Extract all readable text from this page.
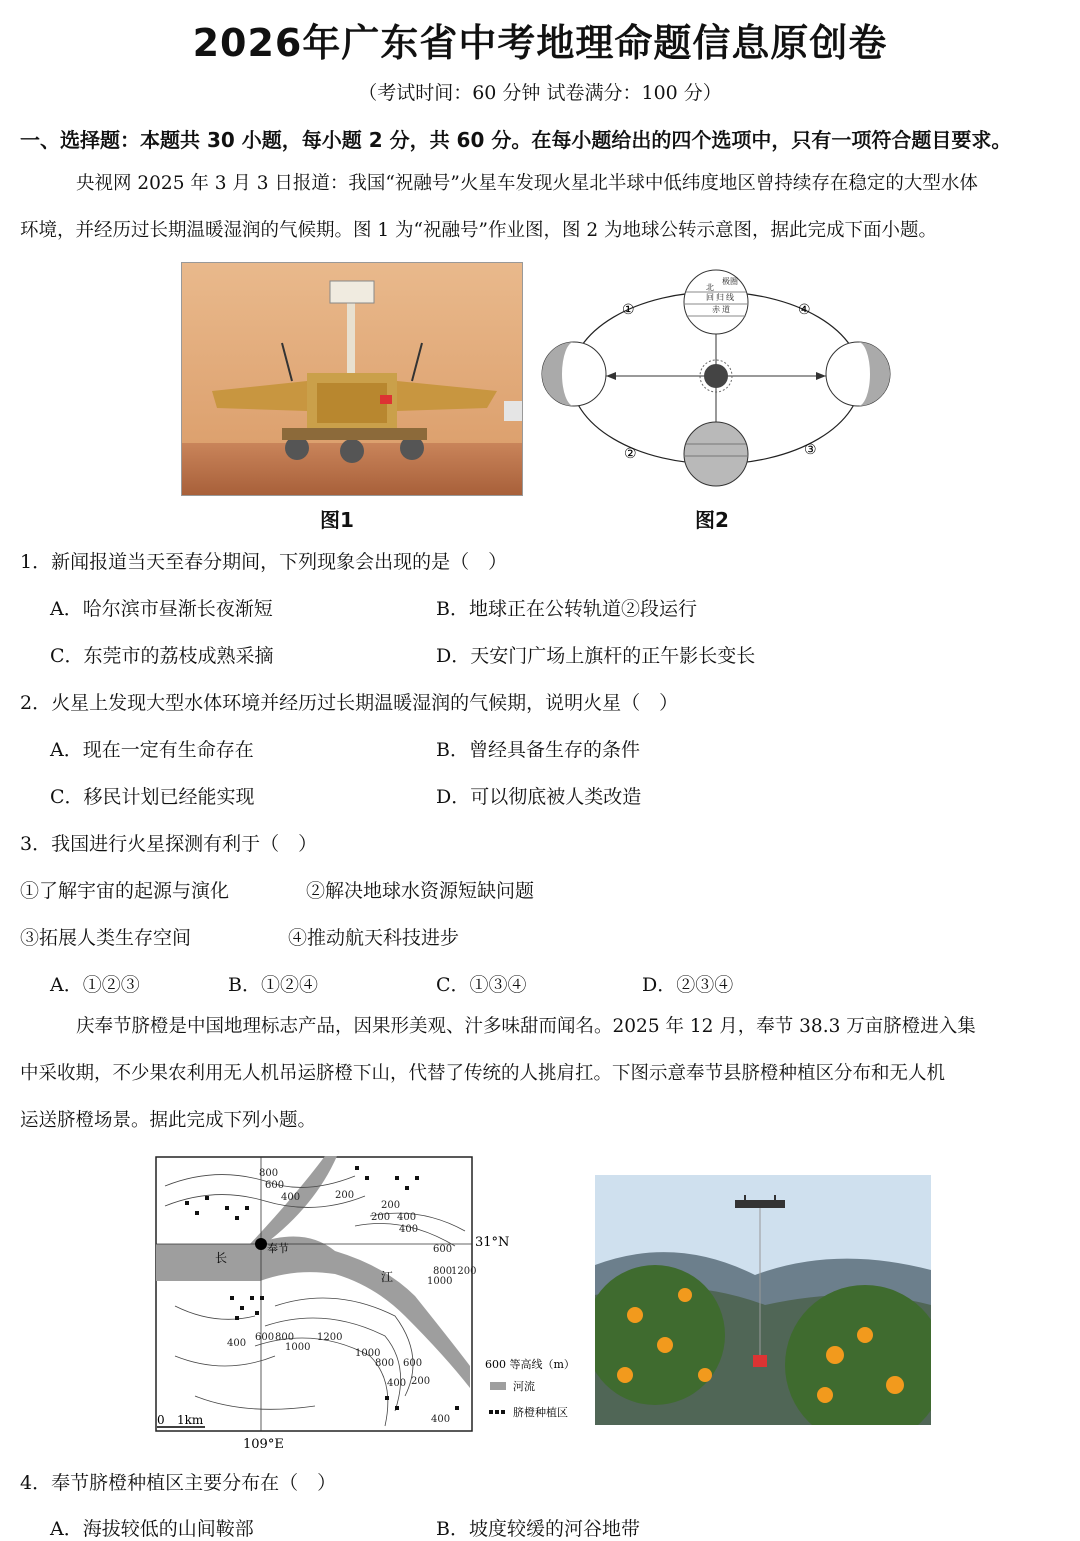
2026年广东省中考地理命题信息原创卷
（考试时间：60 分钟 试卷满分：100 分）
一、选择题：本题共 30 小题，每小题 2 分，共 60 分。在每小题给出的四个选项中，只有一项符合题目要求。

央视网 2025 年 3 月 3 日报道：我国“祝融号”火星车发现火星北半球中低纬度地区曾持续存在稳定的大型水体

环境，并经历过长期温暖湿润的气候期。图 1 为“祝融号”作业图，图 2 为地球公转示意图，据此完成下面小题。

①
②	③
④
北
回 归 线
极 圈
赤 道
图1	图2
1．新闻报道当天至春分期间，下列现象会出现的是（　）
A．哈尔滨市昼渐长夜渐短	B．地球正在公转轨道②段运行
C．东莞市的荔枝成熟采摘	D．天安门广场上旗杆的正午影长变长
2．火星上发现大型水体环境并经历过长期温暖湿润的气候期，说明火星（　）
A．现在一定有生命存在	B．曾经具备生存的条件
C．移民计划已经能实现	D．可以彻底被人类改造
3．我国进行火星探测有利于（　）
①了解宇宙的起源与演化	②解决地球水资源短缺问题
③拓展人类生存空间	④推动航天科技进步
A．①②③	B．①②④	C．①③④	D．②③④

庆奉节脐橙是中国地理标志产品，因果形美观、汁多味甜而闻名。2025 年 12 月，奉节 38.3 万亩脐橙进入集

中采收期，不少果农利用无人机吊运脐橙下山，代替了传统的人挑肩扛。下图示意奉节县脐橙种植区分布和无人机

运送脐橙场景。据此完成下列小题。

奉节
长
江
31°N
109°E
0 1km
800
600
400	200
400
200
200
400
600
800
1000
1200
400
600 800
1000
1200
1000
800 600
400 200
400
600 等高线（m）
河流
脐橙种植区
4．奉节脐橙种植区主要分布在（　）
A．海拔较低的山间鞍部	B．坡度较缓的河谷地带
